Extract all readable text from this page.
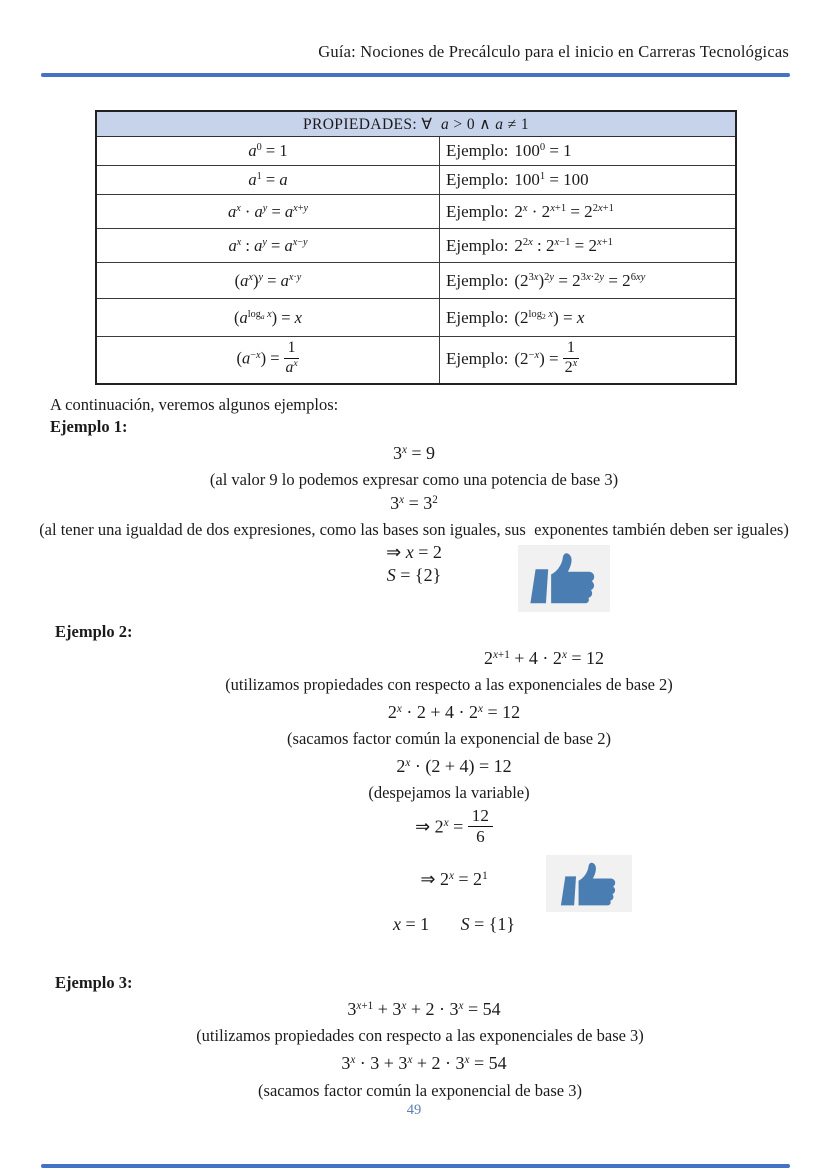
Guía: Nociones de Precálculo para el inicio en Carreras Tecnológicas
PROPIEDADES: ∀  a > 0 ∧ a ≠ 1	
$a^0 = 1$	Ejemplo: $100^0 = 1$
$a^1 = a$	Ejemplo: $100^1 = 100$
$a^x \cdot a^y = a^{x+y}$	Ejemplo: $2^x \cdot 2^{x+1} = 2^{2x+1}$
$a^x$ : $a^y = a^{x-y}$	Ejemplo: $2^{2x}$ : $2^{x-1} = 2^{x+1}$
$(a^x)^y = a^{x\cdot y}$	Ejemplo: $(2^{3x})^{2y} = 2^{3x\cdot 2y} = 2^{6xy}$
$(a^{log_a x}) = x$	Ejemplo: $(2^{log_2 x}) = x$
$(a^{-x}) = \frac{1}{a^x}$	Ejemplo: $(2^{-x}) = \frac{1}{2^x}$

A continuación, veremos algunos ejemplos:

Ejemplo 1:

$3^x = 9$
(al valor 9 lo podemos expresar como una potencia de base 3)
$3^x = 3^2$
(al tener una igualdad de dos expresiones, como las bases son iguales, sus  exponentes también deben ser iguales)
⇒ x = 2
S = {2}

Ejemplo 2:

$2^{x+1} + 4 \cdot 2^x = 12$
(utilizamos propiedades con respecto a las exponenciales de base 2)
$2^x \cdot 2 + 4 \cdot 2^x = 12$
(sacamos factor común la exponencial de base 2)
$2^x \cdot (2 + 4) = 12$
(despejamos la variable)
⇒ $2^x = \frac{12}{6}$
⇒ $2^x = 2^1$
x = 1       S = {1}

Ejemplo 3:

$3^{x+1} + 3^x + 2 \cdot 3^x = 54$
(utilizamos propiedades con respecto a las exponenciales de base 3)
$3^x \cdot 3 + 3^x + 2 \cdot 3^x = 54$
(sacamos factor común la exponencial de base 3)
49
